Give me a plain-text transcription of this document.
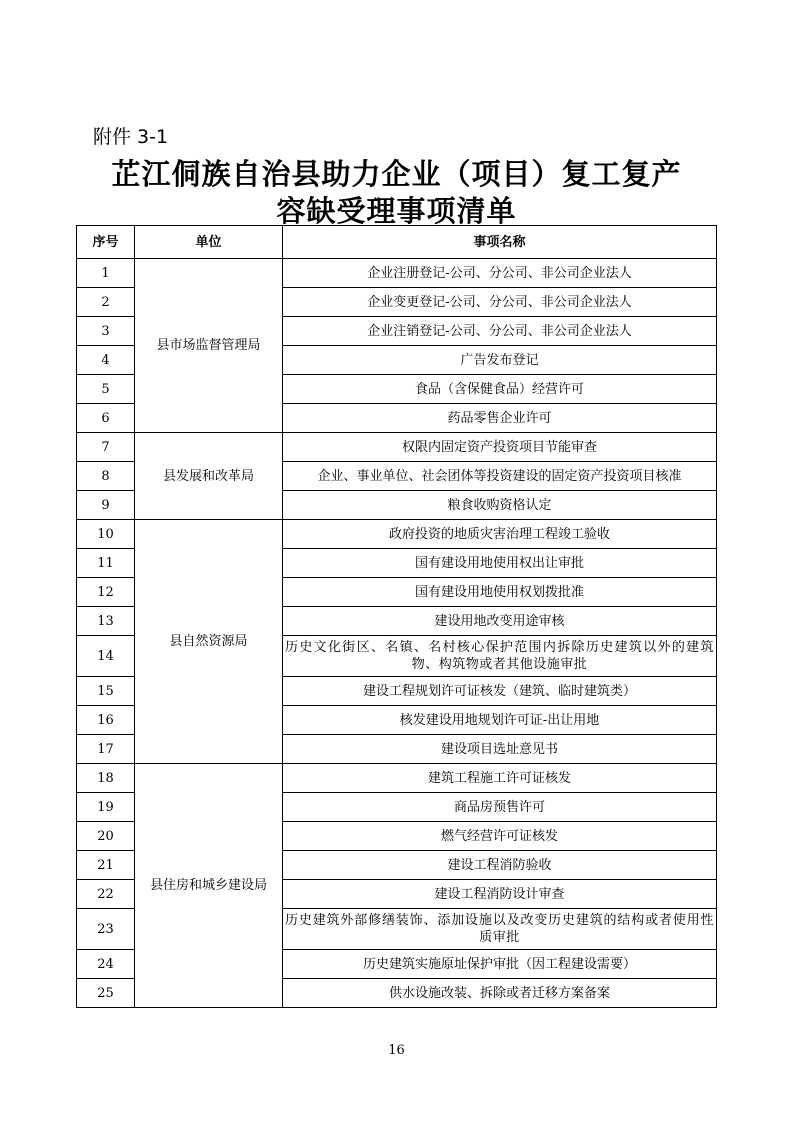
附件 3-1
芷江侗族自治县助力企业（项目）复工复产
容缺受理事项清单
序号	单位	事项名称
1	县市场监督管理局	企业注册登记-公司、分公司、非公司企业法人
2		企业变更登记-公司、分公司、非公司企业法人
3		企业注销登记-公司、分公司、非公司企业法人
4		广告发布登记
5		食品（含保健食品）经营许可
6		药品零售企业许可
7	县发展和改革局	权限内固定资产投资项目节能审查
8		企业、事业单位、社会团体等投资建设的固定资产投资项目核准
9		粮食收购资格认定
10	县自然资源局	政府投资的地质灾害治理工程竣工验收
11		国有建设用地使用权出让审批
12		国有建设用地使用权划拨批准
13		建设用地改变用途审核
14		历史文化街区、名镇、名村核心保护范围内拆除历史建筑以外的建筑物、构筑物或者其他设施审批
15		建设工程规划许可证核发（建筑、临时建筑类）
16		核发建设用地规划许可证-出让用地
17		建设项目选址意见书
18	县住房和城乡建设局	建筑工程施工许可证核发
19		商品房预售许可
20		燃气经营许可证核发
21		建设工程消防验收
22		建设工程消防设计审查
23		历史建筑外部修缮装饰、添加设施以及改变历史建筑的结构或者使用性质审批
24		历史建筑实施原址保护审批（因工程建设需要）
25		供水设施改装、拆除或者迁移方案备案
16
